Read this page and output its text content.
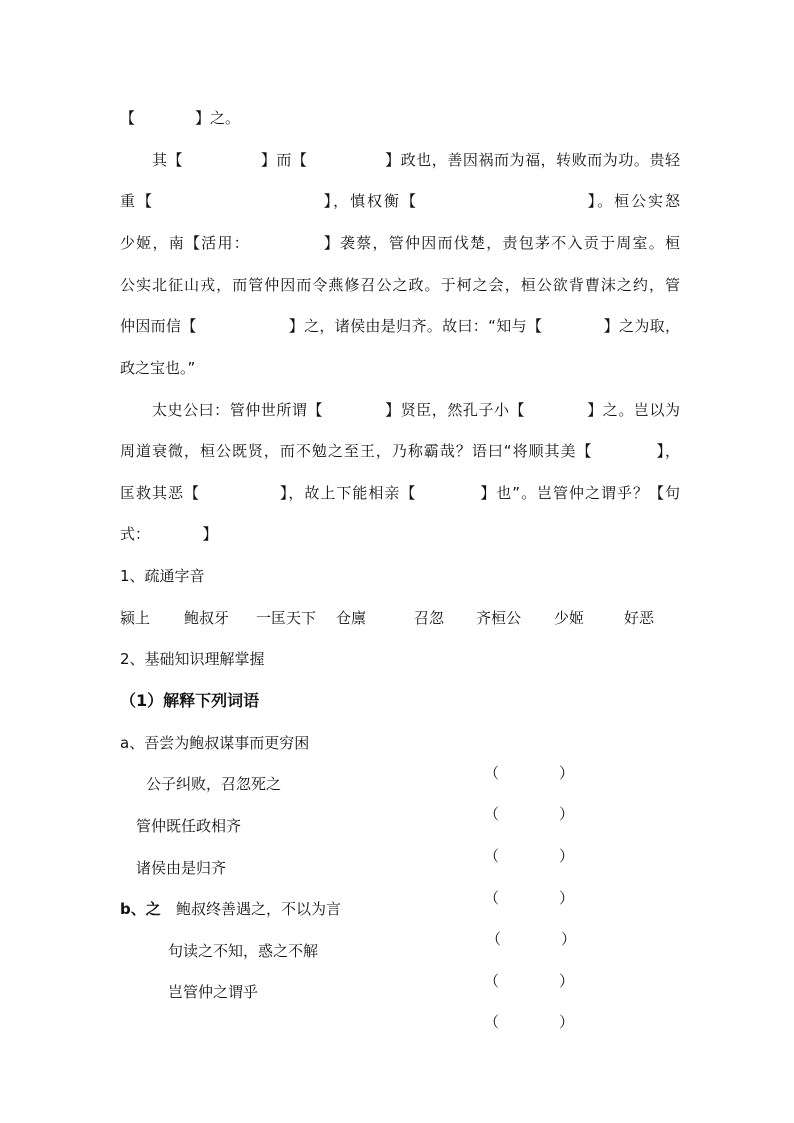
【　　　　】之。
其【　　　　　】而【　　　　　】政也，善因祸而为福，转败而为功。贵轻
重【　　　　　　　　　　】，慎权衡【　　　　　　　　　　】。桓公实怒
少姬，南【活用：　　　　　】袭蔡，管仲因而伐楚，责包茅不入贡于周室。桓
公实北征山戎，而管仲因而令燕修召公之政。于柯之会，桓公欲背曹沫之约，管
仲因而信【　　　　　　】之，诸侯由是归齐。故曰：“知与【　　　　】之为取，
政之宝也。”
太史公曰：管仲世所谓【　　　　】贤臣，然孔子小【　　　　】之。岂以为
周道衰微，桓公既贤，而不勉之至王，乃称霸哉？语曰“将顺其美【　　　　】，
匡救其恶【　　　　　】，故上下能相亲【　　　　】也”。岂管仲之谓乎？【句
式：　　　　】
1、疏通字音
颍上 鲍叔牙 一匡天下 仓廪	召忽 齐桓公 少姬	好恶
2、基础知识理解掌握
（1）解释下列词语
a、吾尝为鲍叔谋事而更穷困
（	）
公子纠败，召忽死之
（	）
管仲既任政相齐
（	）
诸侯由是归齐
（	）
b、之 鲍叔终善遇之，不以为言
（	）
句读之不知，惑之不解
（	）
岂管仲之谓乎
（	）
